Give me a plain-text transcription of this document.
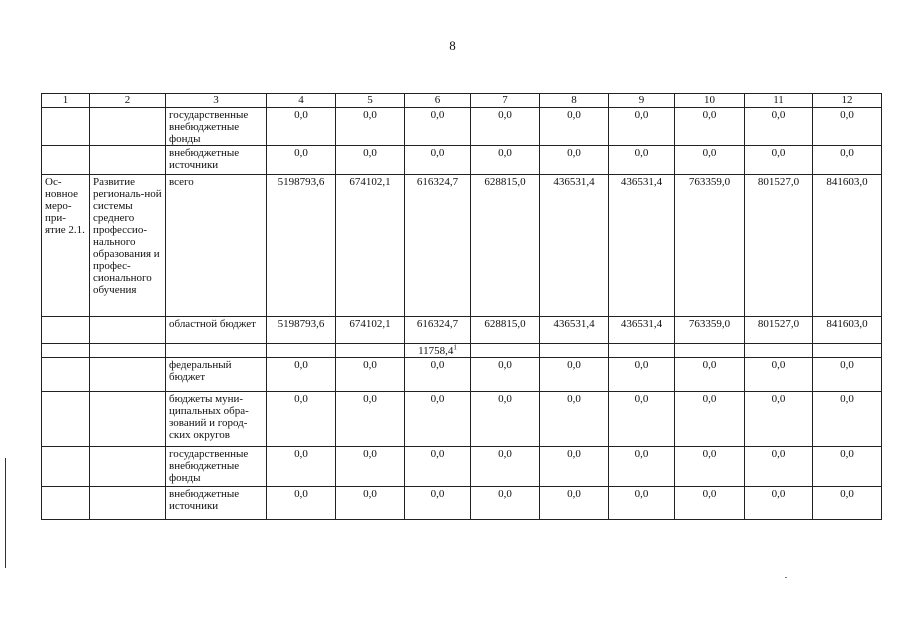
8
1	2	3	4	5	6	7	8	9	10	11	12
		государственные внебюджетные фонды	0,0	0,0	0,0	0,0	0,0	0,0	0,0	0,0	0,0
		внебюджетные источники	0,0	0,0	0,0	0,0	0,0	0,0	0,0	0,0	0,0
Ос-новное меро-при-ятие 2.1.	Развитие региональ-ной системы среднего профессио-нального образования и профес-сионального обучения	всего	5198793,6	674102,1	616324,7	628815,0	436531,4	436531,4	763359,0	801527,0	841603,0
		областной бюджет	5198793,6	674102,1	616324,7	628815,0	436531,4	436531,4	763359,0	801527,0	841603,0
					11758,4$^1$						
		федеральный бюджет	0,0	0,0	0,0	0,0	0,0	0,0	0,0	0,0	0,0
		бюджеты муни-ципальных обра-зований и город-ских округов	0,0	0,0	0,0	0,0	0,0	0,0	0,0	0,0	0,0
		государственные внебюджетные фонды	0,0	0,0	0,0	0,0	0,0	0,0	0,0	0,0	0,0
		внебюджетные источники	0,0	0,0	0,0	0,0	0,0	0,0	0,0	0,0	0,0
